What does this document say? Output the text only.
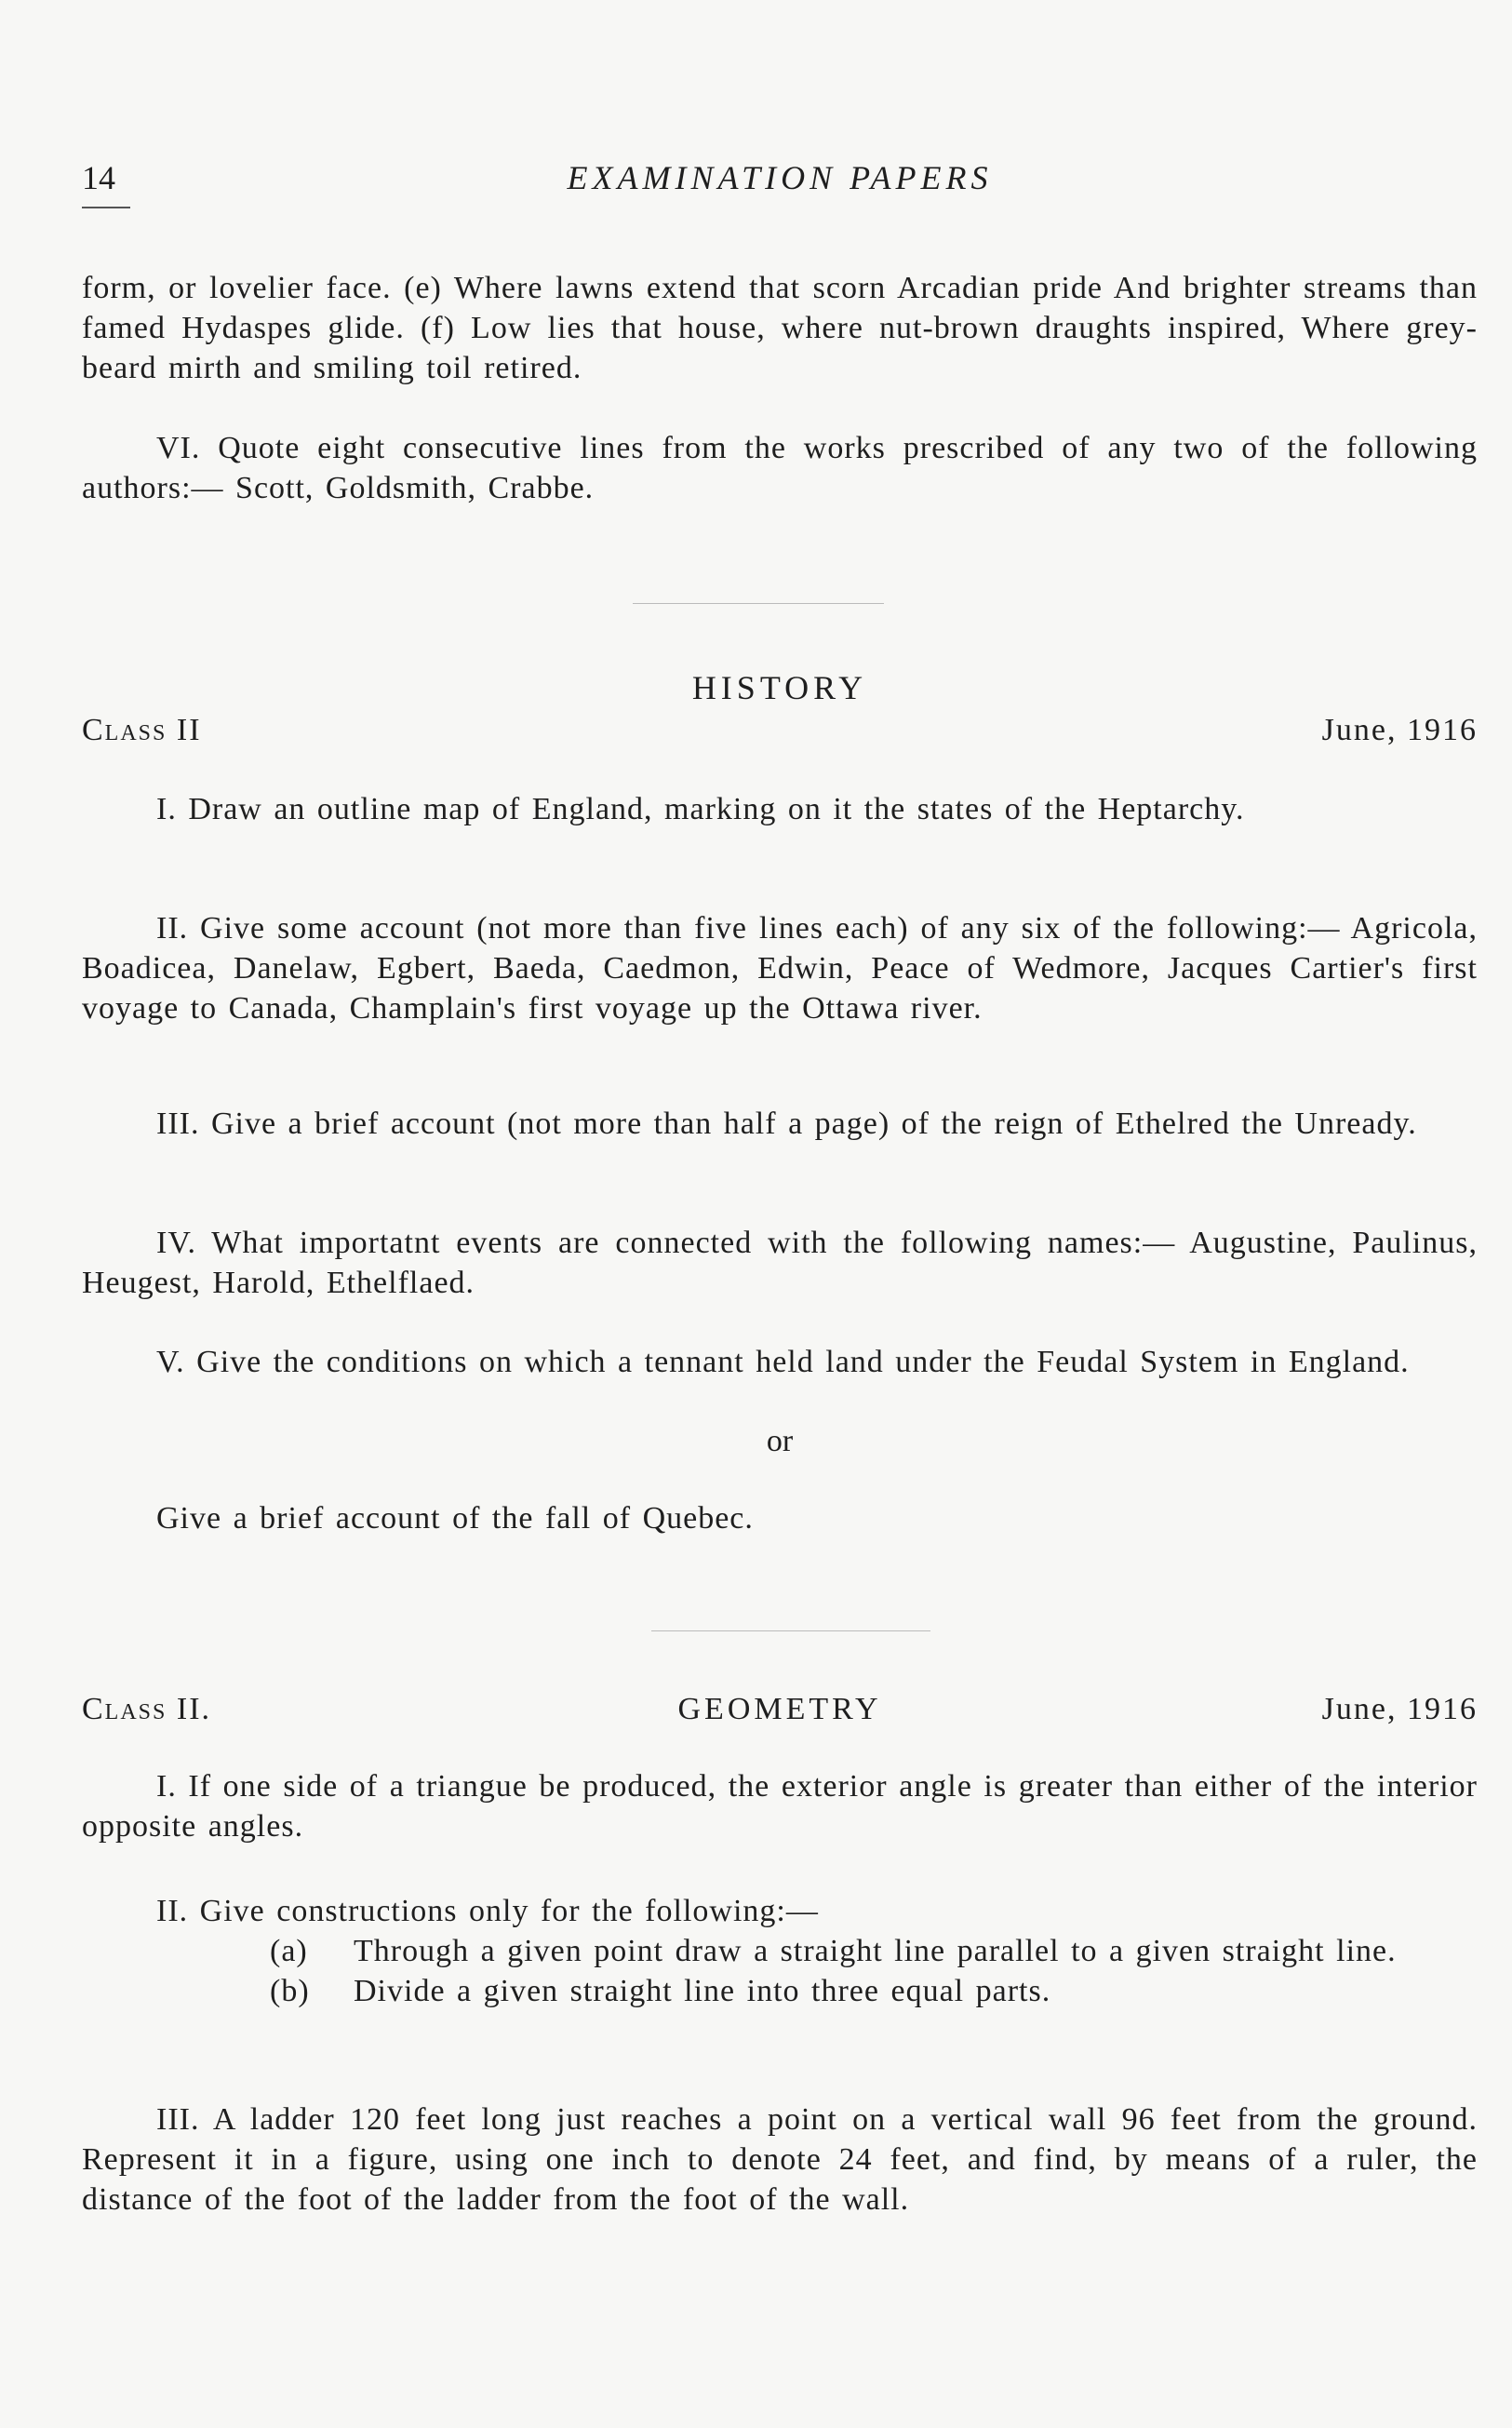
14	EXAMINATION PAPERS
form, or lovelier face. (e) Where lawns extend that scorn Arcadian pride And brighter streams than famed Hydaspes glide. (f) Low lies that house, where nut-brown draughts inspired, Where grey-beard mirth and smiling toil retired.
VI. Quote eight consecutive lines from the works prescribed of any two of the following authors:— Scott, Goldsmith, Crabbe.
HISTORY
Class II	June, 1916
I. Draw an outline map of England, marking on it the states of the Heptarchy.
II. Give some account (not more than five lines each) of any six of the following:— Agricola, Boadicea, Danelaw, Egbert, Baeda, Caedmon, Edwin, Peace of Wedmore, Jacques Cartier's first voyage to Canada, Champlain's first voyage up the Ottawa river.
III. Give a brief account (not more than half a page) of the reign of Ethelred the Unready.
IV. What importatnt events are connected with the following names:— Augustine, Paulinus, Heugest, Harold, Ethelflaed.
V. Give the conditions on which a tennant held land under the Feudal System in England.
or
Give a brief account of the fall of Quebec.
Class II.	GEOMETRY	June, 1916
I. If one side of a triangue be produced, the exterior angle is greater than either of the interior opposite angles.
II. Give constructions only for the following:—
(a) Through a given point draw a straight line parallel to a given straight line.
(b) Divide a given straight line into three equal parts.
III. A ladder 120 feet long just reaches a point on a vertical wall 96 feet from the ground. Represent it in a figure, using one inch to denote 24 feet, and find, by means of a ruler, the distance of the foot of the ladder from the foot of the wall.
